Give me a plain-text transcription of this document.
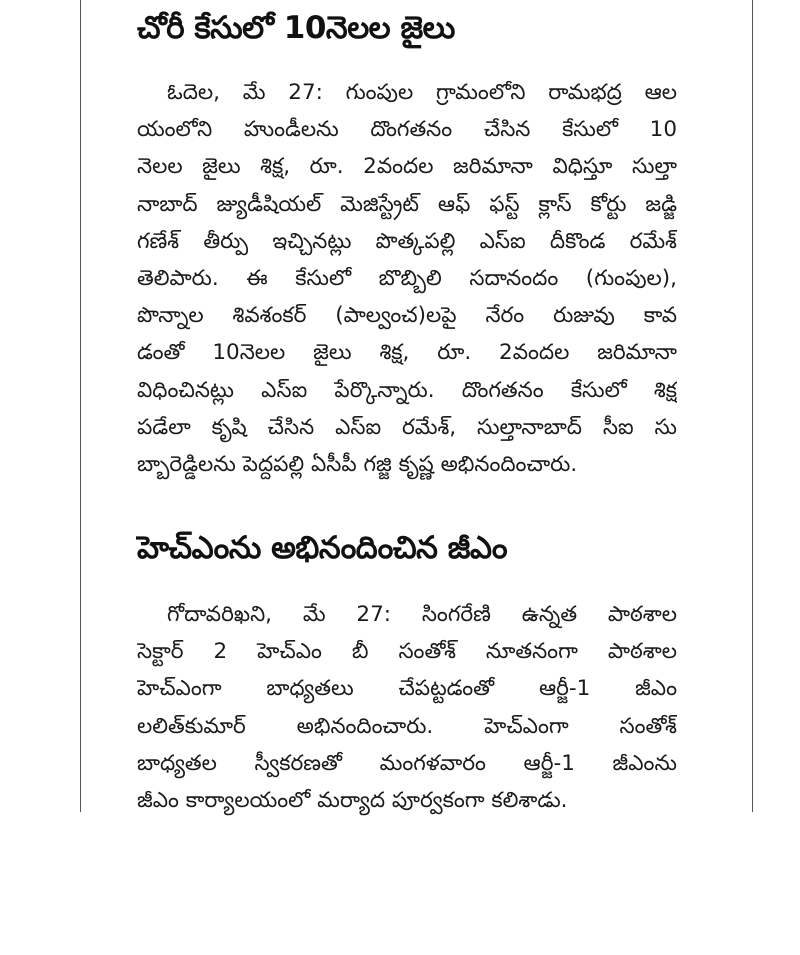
చోరీ కేసులో 10నెలల జైలు
ఓదెల, మే 27: గుంపుల గ్రామంలోని రామభద్ర ఆల
యంలోని హుండీలను దొంగతనం చేసిన కేసులో 10
నెలల జైలు శిక్ష, రూ. 2వందల జరిమానా విధిస్తూ సుల్తా
నాబాద్ జ్యుడీషియల్ మెజిస్ట్రేట్ ఆఫ్ ఫస్ట్ క్లాస్ కోర్టు జడ్జి
గణేశ్ తీర్పు ఇచ్చినట్లు పొత్కపల్లి ఎస్ఐ దీకొండ రమేశ్
తెలిపారు. ఈ కేసులో బొబ్బిలి సదానందం (గుంపుల),
పొన్నాల శివశంకర్ (పాల్వంచ)లపై నేరం రుజువు కావ
డంతో 10నెలల జైలు శిక్ష, రూ. 2వందల జరిమానా
విధించినట్లు ఎస్ఐ పేర్కొన్నారు. దొంగతనం కేసులో శిక్ష
పడేలా కృషి చేసిన ఎస్ఐ రమేశ్, సుల్తానాబాద్ సీఐ సు
బ్బారెడ్డిలను పెద్దపల్లి ఏసీపీ గజ్జి కృష్ణ అభినందించారు.
హెచ్ఎంను అభినందించిన జీఎం
గోదావరిఖని, మే 27: సింగరేణి ఉన్నత పాఠశాల
సెక్టార్ 2 హెచ్ఎం బీ సంతోశ్ నూతనంగా పాఠశాల
హెచ్ఎంగా బాధ్యతలు చేపట్టడంతో ఆర్జీ-1 జీఎం
లలిత్‌కుమార్ అభినందించారు. హెచ్ఎంగా సంతోశ్
బాధ్యతల స్వీకరణతో మంగళవారం ఆర్జీ-1 జీఎంను
జీఎం కార్యాలయంలో మర్యాద పూర్వకంగా కలిశాడు.
